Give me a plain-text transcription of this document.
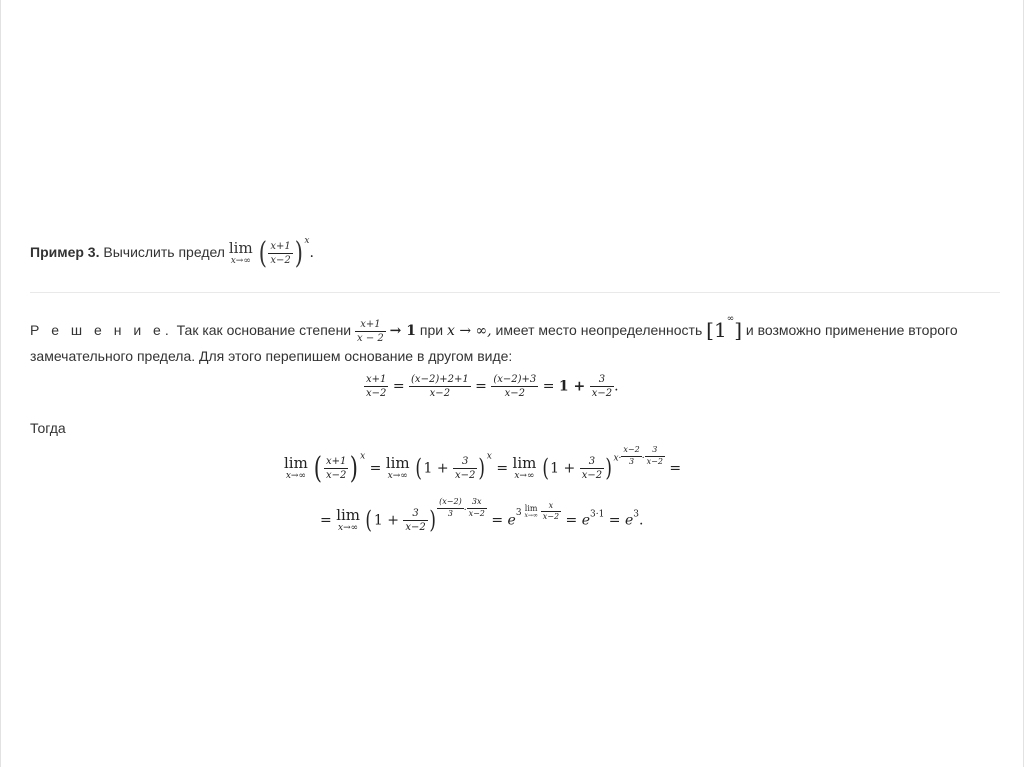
Пример 3. Вычислить предел lim
x→∞ ( $\frac{x+1}{x-2}$ ) $^x$.
Р е ш е н и е. Так как основание степени $\frac{x+1}{x - 2} \to 1$ при x → ∞, имеет место неопределенность [1∞] и возможно применение второго
замечательного предела. Для этого перепишем основание в другом виде:
$\frac{x+1}{x-2} = \frac{(x-2)+2+1}{x-2} = \frac{(x-2)+3}{x-2} = 1 + \frac{3}{x-2}$ .
Тогда
lim
x→∞ ( $\frac{x+1}{x-2}$ ) $^x$ = lim
x→∞ $(1 + \frac{3}{x-2} )^x = \lim$
x→∞ $(1 + \frac{3}{x-2} )x\cdot \frac{x-2}{3} \cdot \frac{3}{x-2}$
=
= lim
x→∞ ($1 + \frac{3}{x-2}$ ) $\frac{(x-2)}{3} \cdot \frac{3x}{x-2}$
= e3 lim
x→∞
$\frac{x}{x-2} = e^{3\cdot 1} = e^3$.
